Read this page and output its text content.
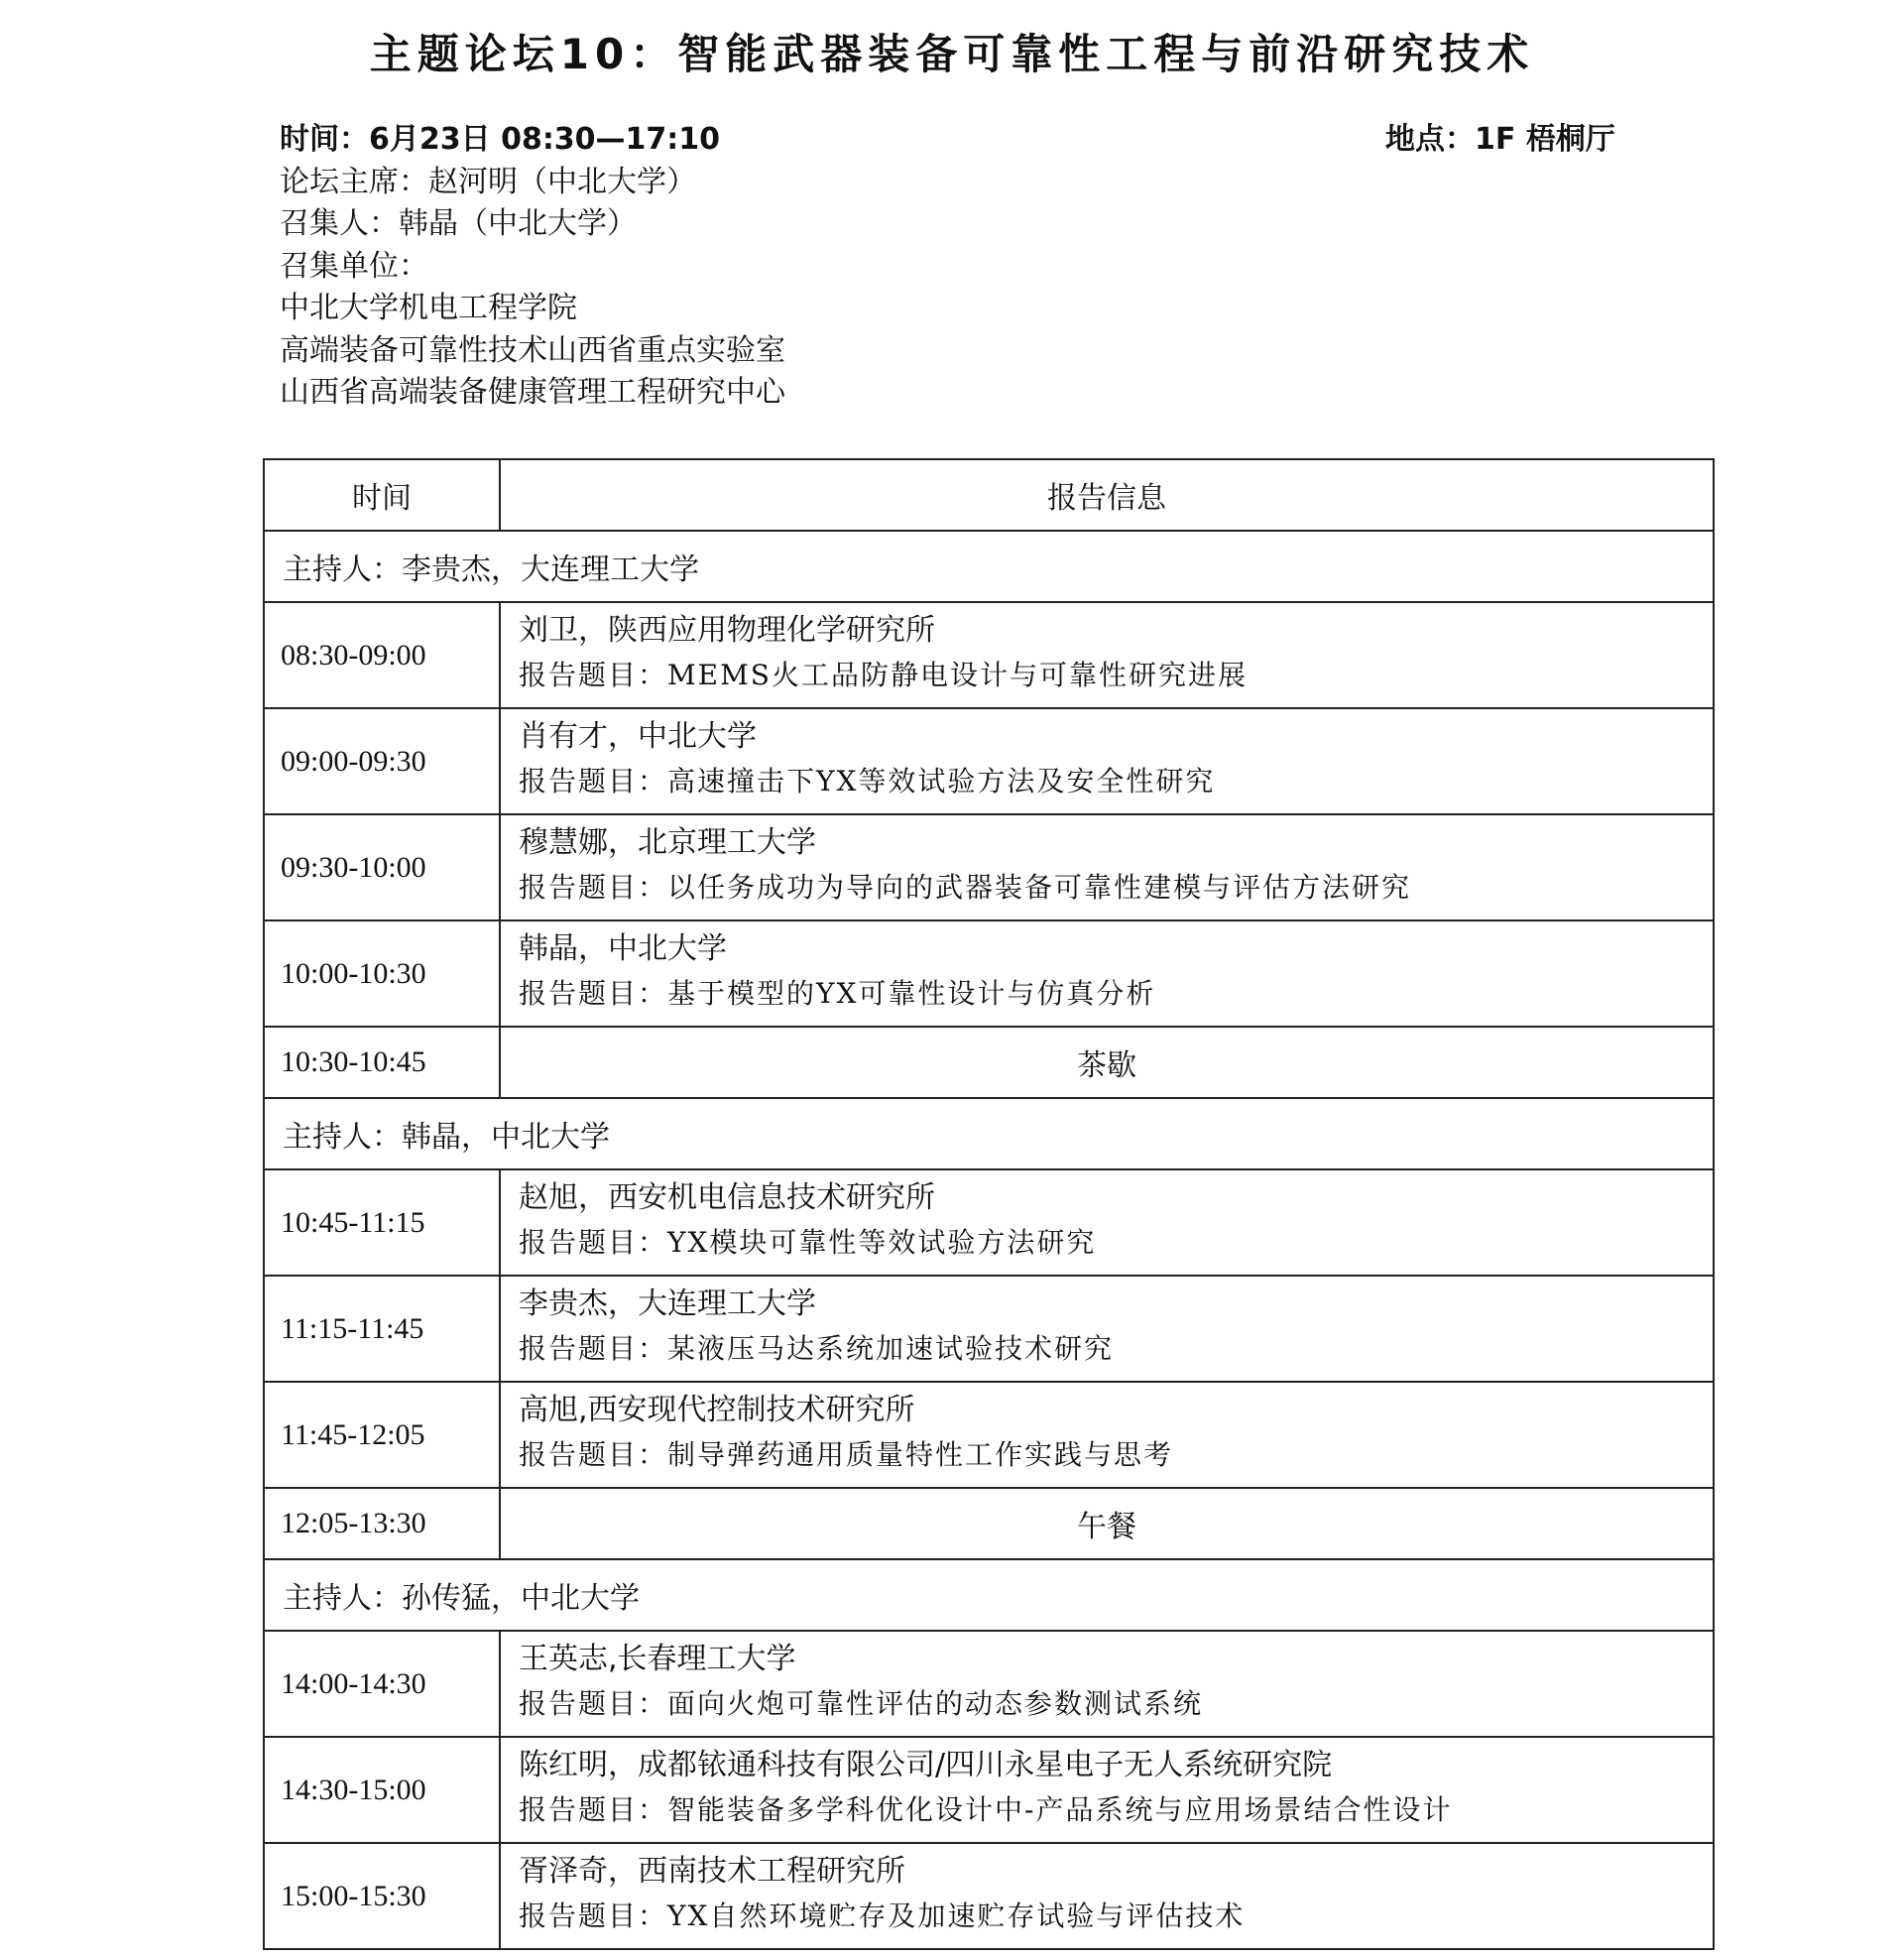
主题论坛10：智能武器装备可靠性工程与前沿研究技术
时间：6月23日 08:30—17:10	地点：1F 梧桐厅
论坛主席：赵河明（中北大学）
召集人：韩晶（中北大学）
召集单位：
中北大学机电工程学院
高端装备可靠性技术山西省重点实验室
山西省高端装备健康管理工程研究中心
时间	报告信息
主持人：李贵杰，大连理工大学	
08:30-09:00	刘卫，陕西应用物理化学研究所
报告题目：MEMS火工品防静电设计与可靠性研究进展

09:00-09:30	肖有才，中北大学
报告题目：高速撞击下YX等效试验方法及安全性研究

09:30-10:00	穆慧娜，北京理工大学
报告题目：以任务成功为导向的武器装备可靠性建模与评估方法研究

10:00-10:30	韩晶，中北大学
报告题目：基于模型的YX可靠性设计与仿真分析

10:30-10:45	茶歇
主持人：韩晶，中北大学	
10:45-11:15	赵旭，西安机电信息技术研究所
报告题目：YX模块可靠性等效试验方法研究

11:15-11:45	李贵杰，大连理工大学
报告题目：某液压马达系统加速试验技术研究

11:45-12:05	高旭,西安现代控制技术研究所
报告题目：制导弹药通用质量特性工作实践与思考

12:05-13:30	午餐
主持人：孙传猛，中北大学	
14:00-14:30	王英志,长春理工大学
报告题目：面向火炮可靠性评估的动态参数测试系统

14:30-15:00	陈红明，成都铱通科技有限公司/四川永星电子无人系统研究院
报告题目：智能装备多学科优化设计中-产品系统与应用场景结合性设计

15:00-15:30	胥泽奇，西南技术工程研究所
报告题目：YX自然环境贮存及加速贮存试验与评估技术
